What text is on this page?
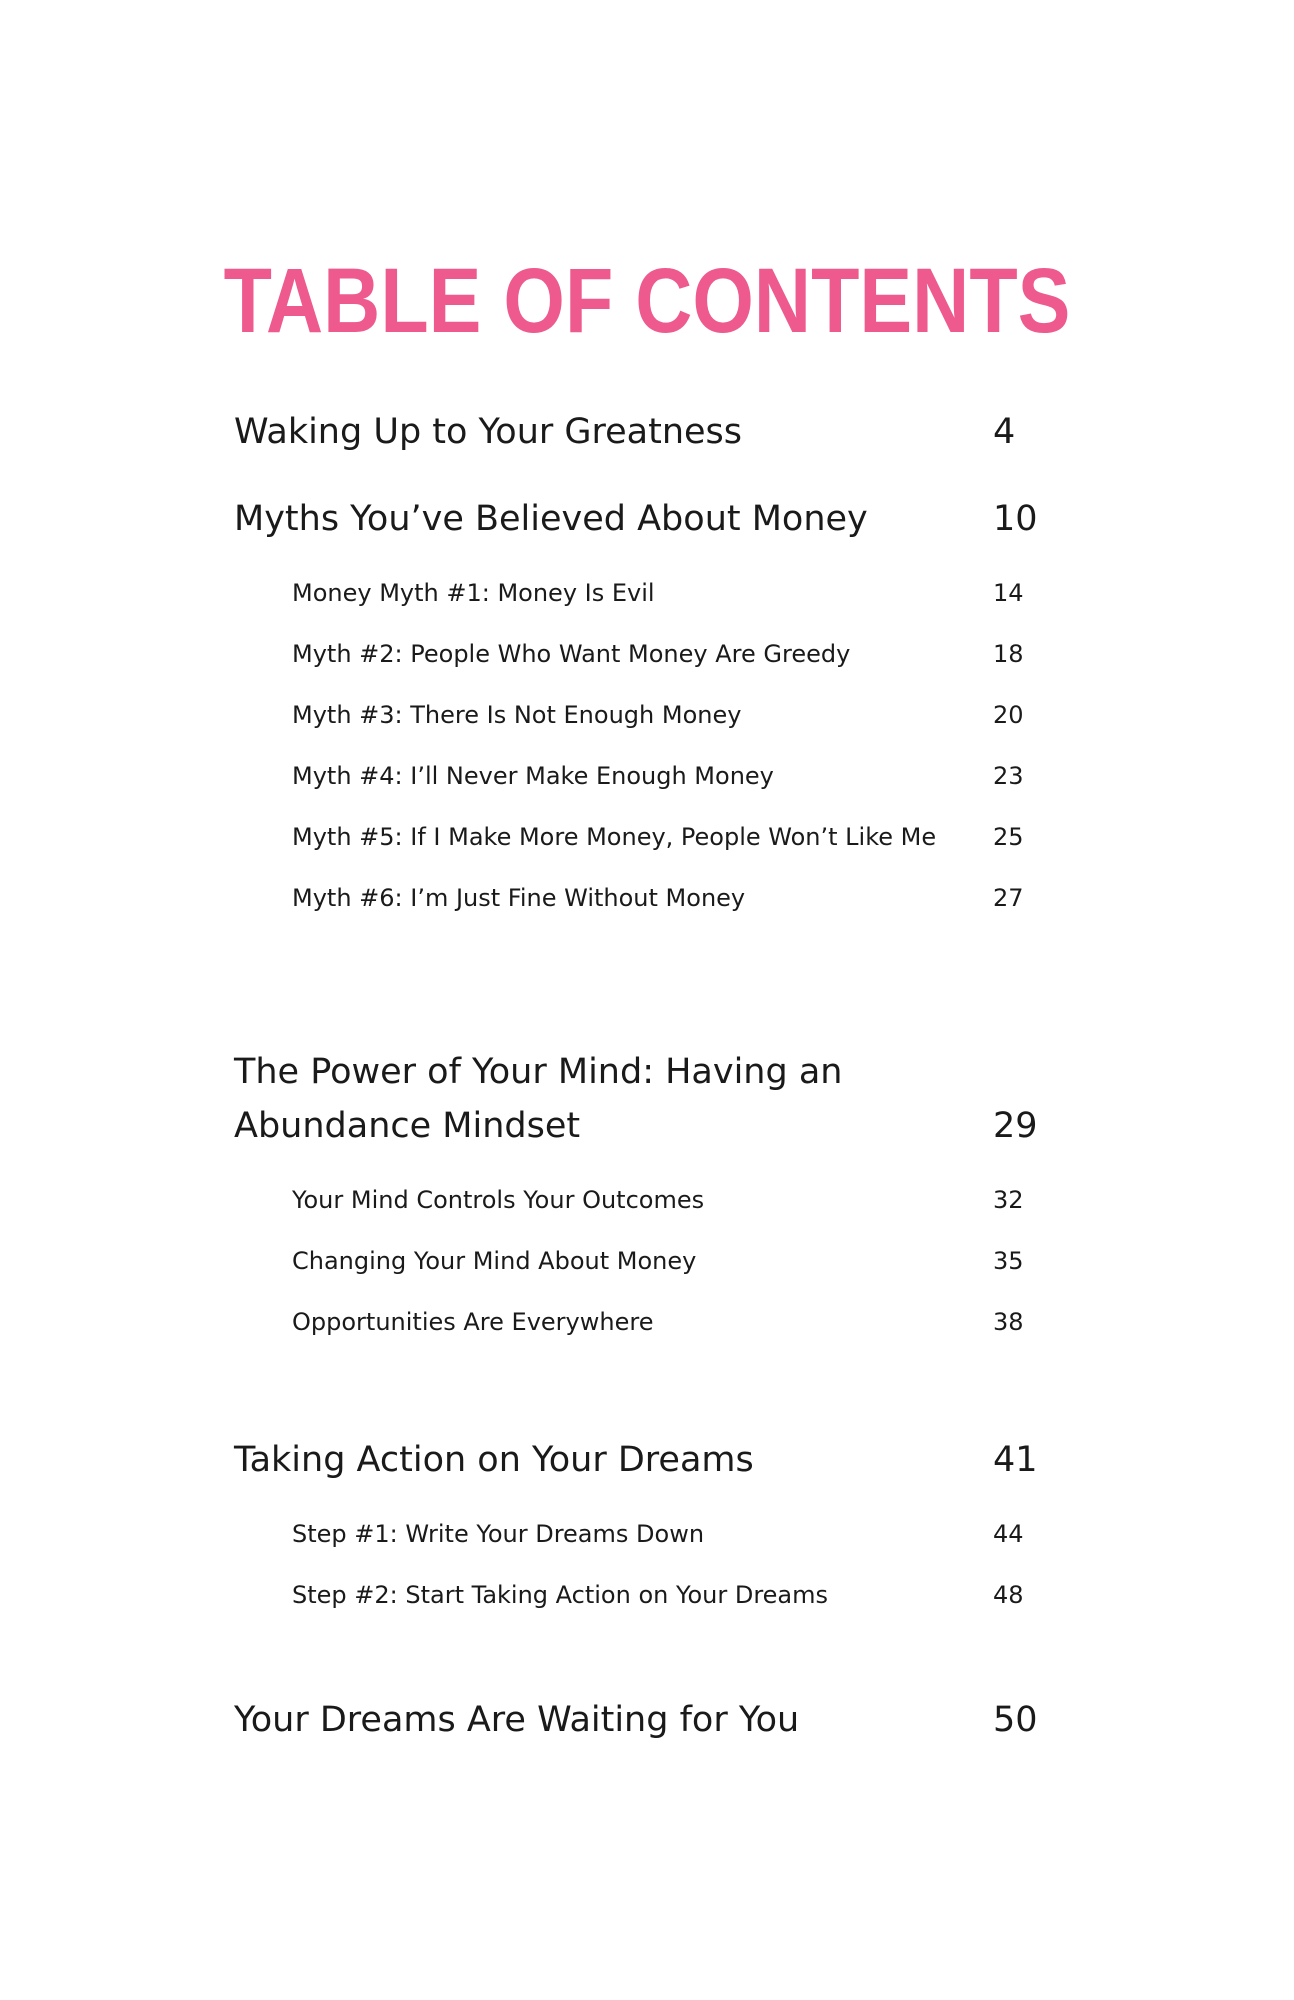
TABLE OF CONTENTS
Waking Up to Your Greatness	4
Myths You’ve Believed About Money	10
Money Myth #1: Money Is Evil	14
Myth #2: People Who Want Money Are Greedy	18
Myth #3: There Is Not Enough Money	20
Myth #4: I’ll Never Make Enough Money	23
Myth #5: If I Make More Money, People Won’t Like Me 25
Myth #6: I’m Just Fine Without Money	27
The Power of Your Mind: Having an Abundance Mindset	29
Your Mind Controls Your Outcomes	32
Changing Your Mind About Money	35
Opportunities Are Everywhere	38
Taking Action on Your Dreams	41
Step #1: Write Your Dreams Down	44
Step #2: Start Taking Action on Your Dreams	48
Your Dreams Are Waiting for You	50
